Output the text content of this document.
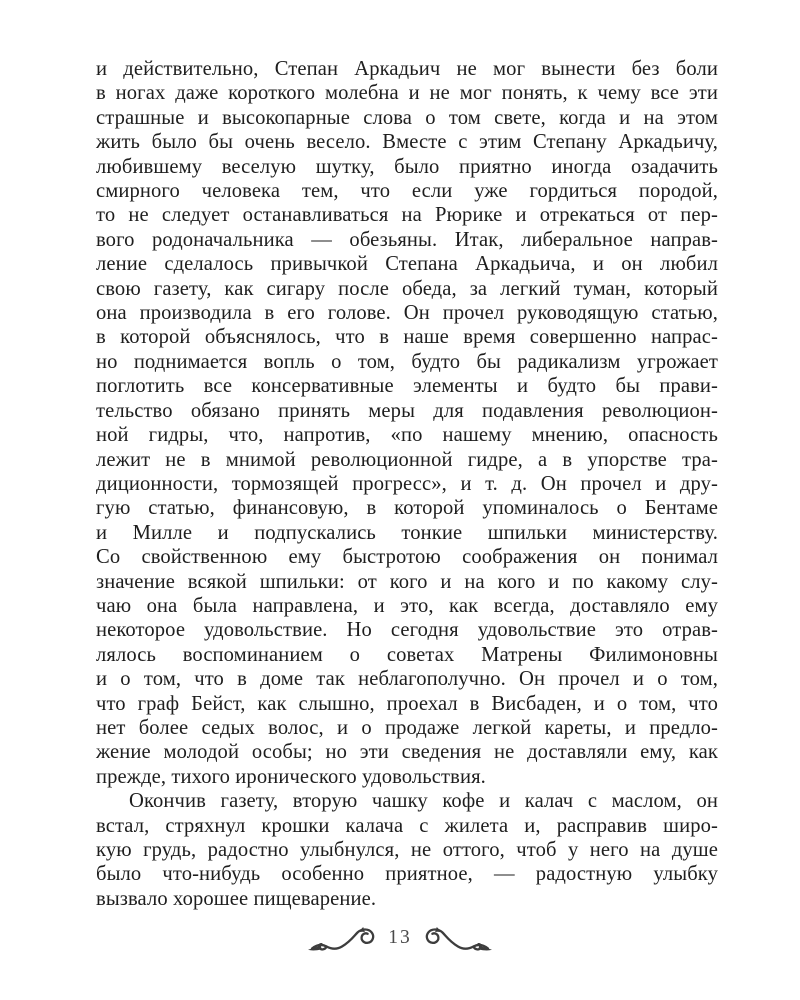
и действительно, Степан Аркадьич не мог вынести без боли
в ногах даже короткого молебна и не мог понять, к чему все эти
страшные и высокопарные слова о том свете, когда и на этом
жить было бы очень весело. Вместе с этим Степану Аркадьичу,
любившему веселую шутку, было приятно иногда озадачить
смирного человека тем, что если уже гордиться породой,
то не следует останавливаться на Рюрике и отрекаться от пер-
вого родоначальника — обезьяны. Итак, либеральное направ-
ление сделалось привычкой Степана Аркадьича, и он любил
свою газету, как сигару после обеда, за легкий туман, который
она производила в его голове. Он прочел руководящую статью,
в которой объяснялось, что в наше время совершенно напрас-
но поднимается вопль о том, будто бы радикализм угрожает
поглотить все консервативные элементы и будто бы прави-
тельство обязано принять меры для подавления революцион-
ной гидры, что, напротив, «по нашему мнению, опасность
лежит не в мнимой революционной гидре, а в упорстве тра-
диционности, тормозящей прогресс», и т. д. Он прочел и дру-
гую статью, финансовую, в которой упоминалось о Бентаме
и Милле и подпускались тонкие шпильки министерству.
Со свойственною ему быстротою соображения он понимал
значение всякой шпильки: от кого и на кого и по какому слу-
чаю она была направлена, и это, как всегда, доставляло ему
некоторое удовольствие. Но сегодня удовольствие это отрав-
лялось воспоминанием о советах Матрены Филимоновны
и о том, что в доме так неблагополучно. Он прочел и о том,
что граф Бейст, как слышно, проехал в Висбаден, и о том, что
нет более седых волос, и о продаже легкой кареты, и предло-
жение молодой особы; но эти сведения не доставляли ему, как
прежде, тихого иронического удовольствия.
Окончив газету, вторую чашку кофе и калач с маслом, он
встал, стряхнул крошки калача с жилета и, расправив широ-
кую грудь, радостно улыбнулся, не оттого, чтоб у него на душе
было что-нибудь особенно приятное, — радостную улыбку
вызвало хорошее пищеварение.
13
